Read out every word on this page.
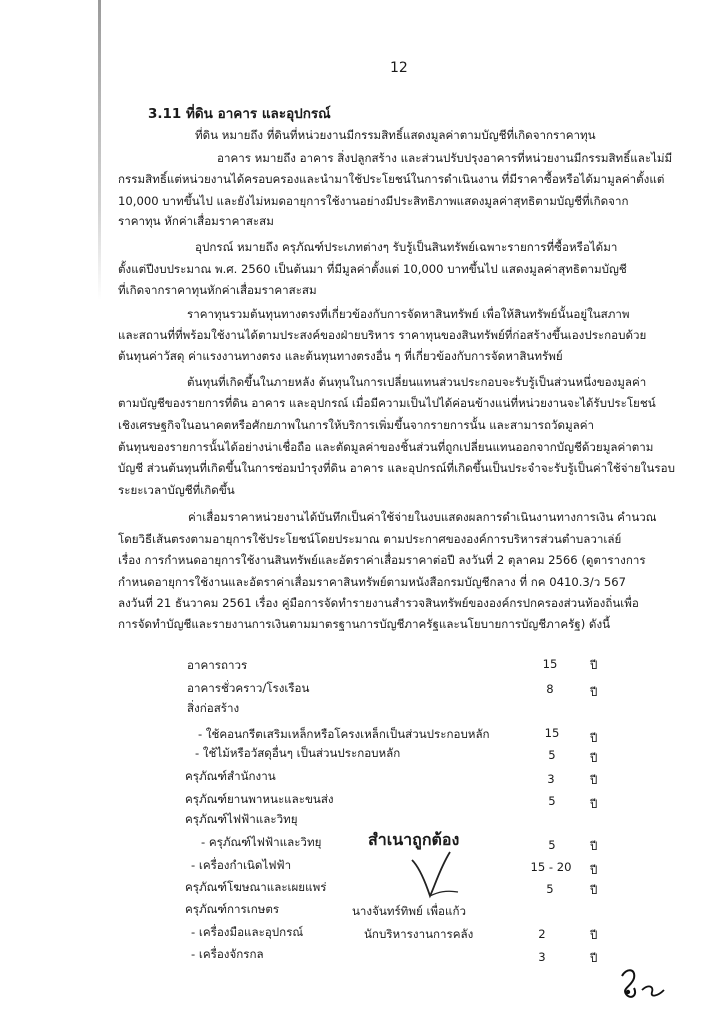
12
3.11 ที่ดิน อาคาร และอุปกรณ์
ที่ดิน หมายถึง ที่ดินที่หน่วยงานมีกรรมสิทธิ์แสดงมูลค่าตามบัญชีที่เกิดจากราคาทุน
อาคาร หมายถึง อาคาร สิ่งปลูกสร้าง และส่วนปรับปรุงอาคารที่หน่วยงานมีกรรมสิทธิ์และไม่มี
กรรมสิทธิ์แต่หน่วยงานได้ครอบครองและนำมาใช้ประโยชน์ในการดำเนินงาน ที่มีราคาซื้อหรือได้มามูลค่าตั้งแต่
10,000 บาทขึ้นไป และยังไม่หมดอายุการใช้งานอย่างมีประสิทธิภาพแสดงมูลค่าสุทธิตามบัญชีที่เกิดจาก
ราคาทุน หักค่าเสื่อมราคาสะสม
อุปกรณ์ หมายถึง ครุภัณฑ์ประเภทต่างๆ รับรู้เป็นสินทรัพย์เฉพาะรายการที่ซื้อหรือได้มา
ตั้งแต่ปีงบประมาณ พ.ศ. 2560 เป็นต้นมา ที่มีมูลค่าตั้งแต่ 10,000 บาทขึ้นไป แสดงมูลค่าสุทธิตามบัญชี
ที่เกิดจากราคาทุนหักค่าเสื่อมราคาสะสม
ราคาทุนรวมต้นทุนทางตรงที่เกี่ยวข้องกับการจัดหาสินทรัพย์ เพื่อให้สินทรัพย์นั้นอยู่ในสภาพ
และสถานที่ที่พร้อมใช้งานได้ตามประสงค์ของฝ่ายบริหาร ราคาทุนของสินทรัพย์ที่ก่อสร้างขึ้นเองประกอบด้วย
ต้นทุนค่าวัสดุ ค่าแรงงานทางตรง และต้นทุนทางตรงอื่น ๆ ที่เกี่ยวข้องกับการจัดหาสินทรัพย์
ต้นทุนที่เกิดขึ้นในภายหลัง ต้นทุนในการเปลี่ยนแทนส่วนประกอบจะรับรู้เป็นส่วนหนึ่งของมูลค่า
ตามบัญชีของรายการที่ดิน อาคาร และอุปกรณ์ เมื่อมีความเป็นไปได้ค่อนข้างแน่ที่หน่วยงานจะได้รับประโยชน์
เชิงเศรษฐกิจในอนาคตหรือศักยภาพในการให้บริการเพิ่มขึ้นจากรายการนั้น และสามารถวัดมูลค่า
ต้นทุนของรายการนั้นได้อย่างน่าเชื่อถือ และตัดมูลค่าของชิ้นส่วนที่ถูกเปลี่ยนแทนออกจากบัญชีด้วยมูลค่าตาม
บัญชี ส่วนต้นทุนที่เกิดขึ้นในการซ่อมบำรุงที่ดิน อาคาร และอุปกรณ์ที่เกิดขึ้นเป็นประจำจะรับรู้เป็นค่าใช้จ่ายในรอบ
ระยะเวลาบัญชีที่เกิดขึ้น
ค่าเสื่อมราคาหน่วยงานได้บันทึกเป็นค่าใช้จ่ายในงบแสดงผลการดำเนินงานทางการเงิน คำนวณ
โดยวิธีเส้นตรงตามอายุการใช้ประโยชน์โดยประมาณ ตามประกาศขององค์การบริหารส่วนตำบลวาเล่ย์
เรื่อง การกำหนดอายุการใช้งานสินทรัพย์และอัตราค่าเสื่อมราคาต่อปี ลงวันที่ 2 ตุลาคม 2566 (ดูตารางการ
กำหนดอายุการใช้งานและอัตราค่าเสื่อมราคาสินทรัพย์ตามหนังสือกรมบัญชีกลาง ที่ กค 0410.3/ว 567
ลงวันที่ 21 ธันวาคม 2561 เรื่อง คู่มือการจัดทำรายงานสำรวจสินทรัพย์ขององค์กรปกครองส่วนท้องถิ่นเพื่อ
การจัดทำบัญชีและรายงานการเงินตามมาตรฐานการบัญชีภาครัฐและนโยบายการบัญชีภาครัฐ) ดังนี้
อาคารถาวร	15	ปี
อาคารชั่วคราว/โรงเรือน	8	ปี
สิ่งก่อสร้าง
- ใช้คอนกรีตเสริมเหล็กหรือโครงเหล็กเป็นส่วนประกอบหลัก	15	ปี
- ใช้ไม้หรือวัสดุอื่นๆ เป็นส่วนประกอบหลัก	5	ปี
ครุภัณฑ์สำนักงาน	3	ปี
ครุภัณฑ์ยานพาหนะและขนส่ง	5	ปี
ครุภัณฑ์ไฟฟ้าและวิทยุ
- ครุภัณฑ์ไฟฟ้าและวิทยุ	5	ปี
- เครื่องกำเนิดไฟฟ้า	15 - 20	ปี
ครุภัณฑ์โฆษณาและเผยแพร่	5	ปี
ครุภัณฑ์การเกษตร
- เครื่องมือและอุปกรณ์	2	ปี
- เครื่องจักรกล	3	ปี
สำเนาถูกต้อง
นางจันทร์ทิพย์ เพื่อแก้ว
นักบริหารงานการคลัง
